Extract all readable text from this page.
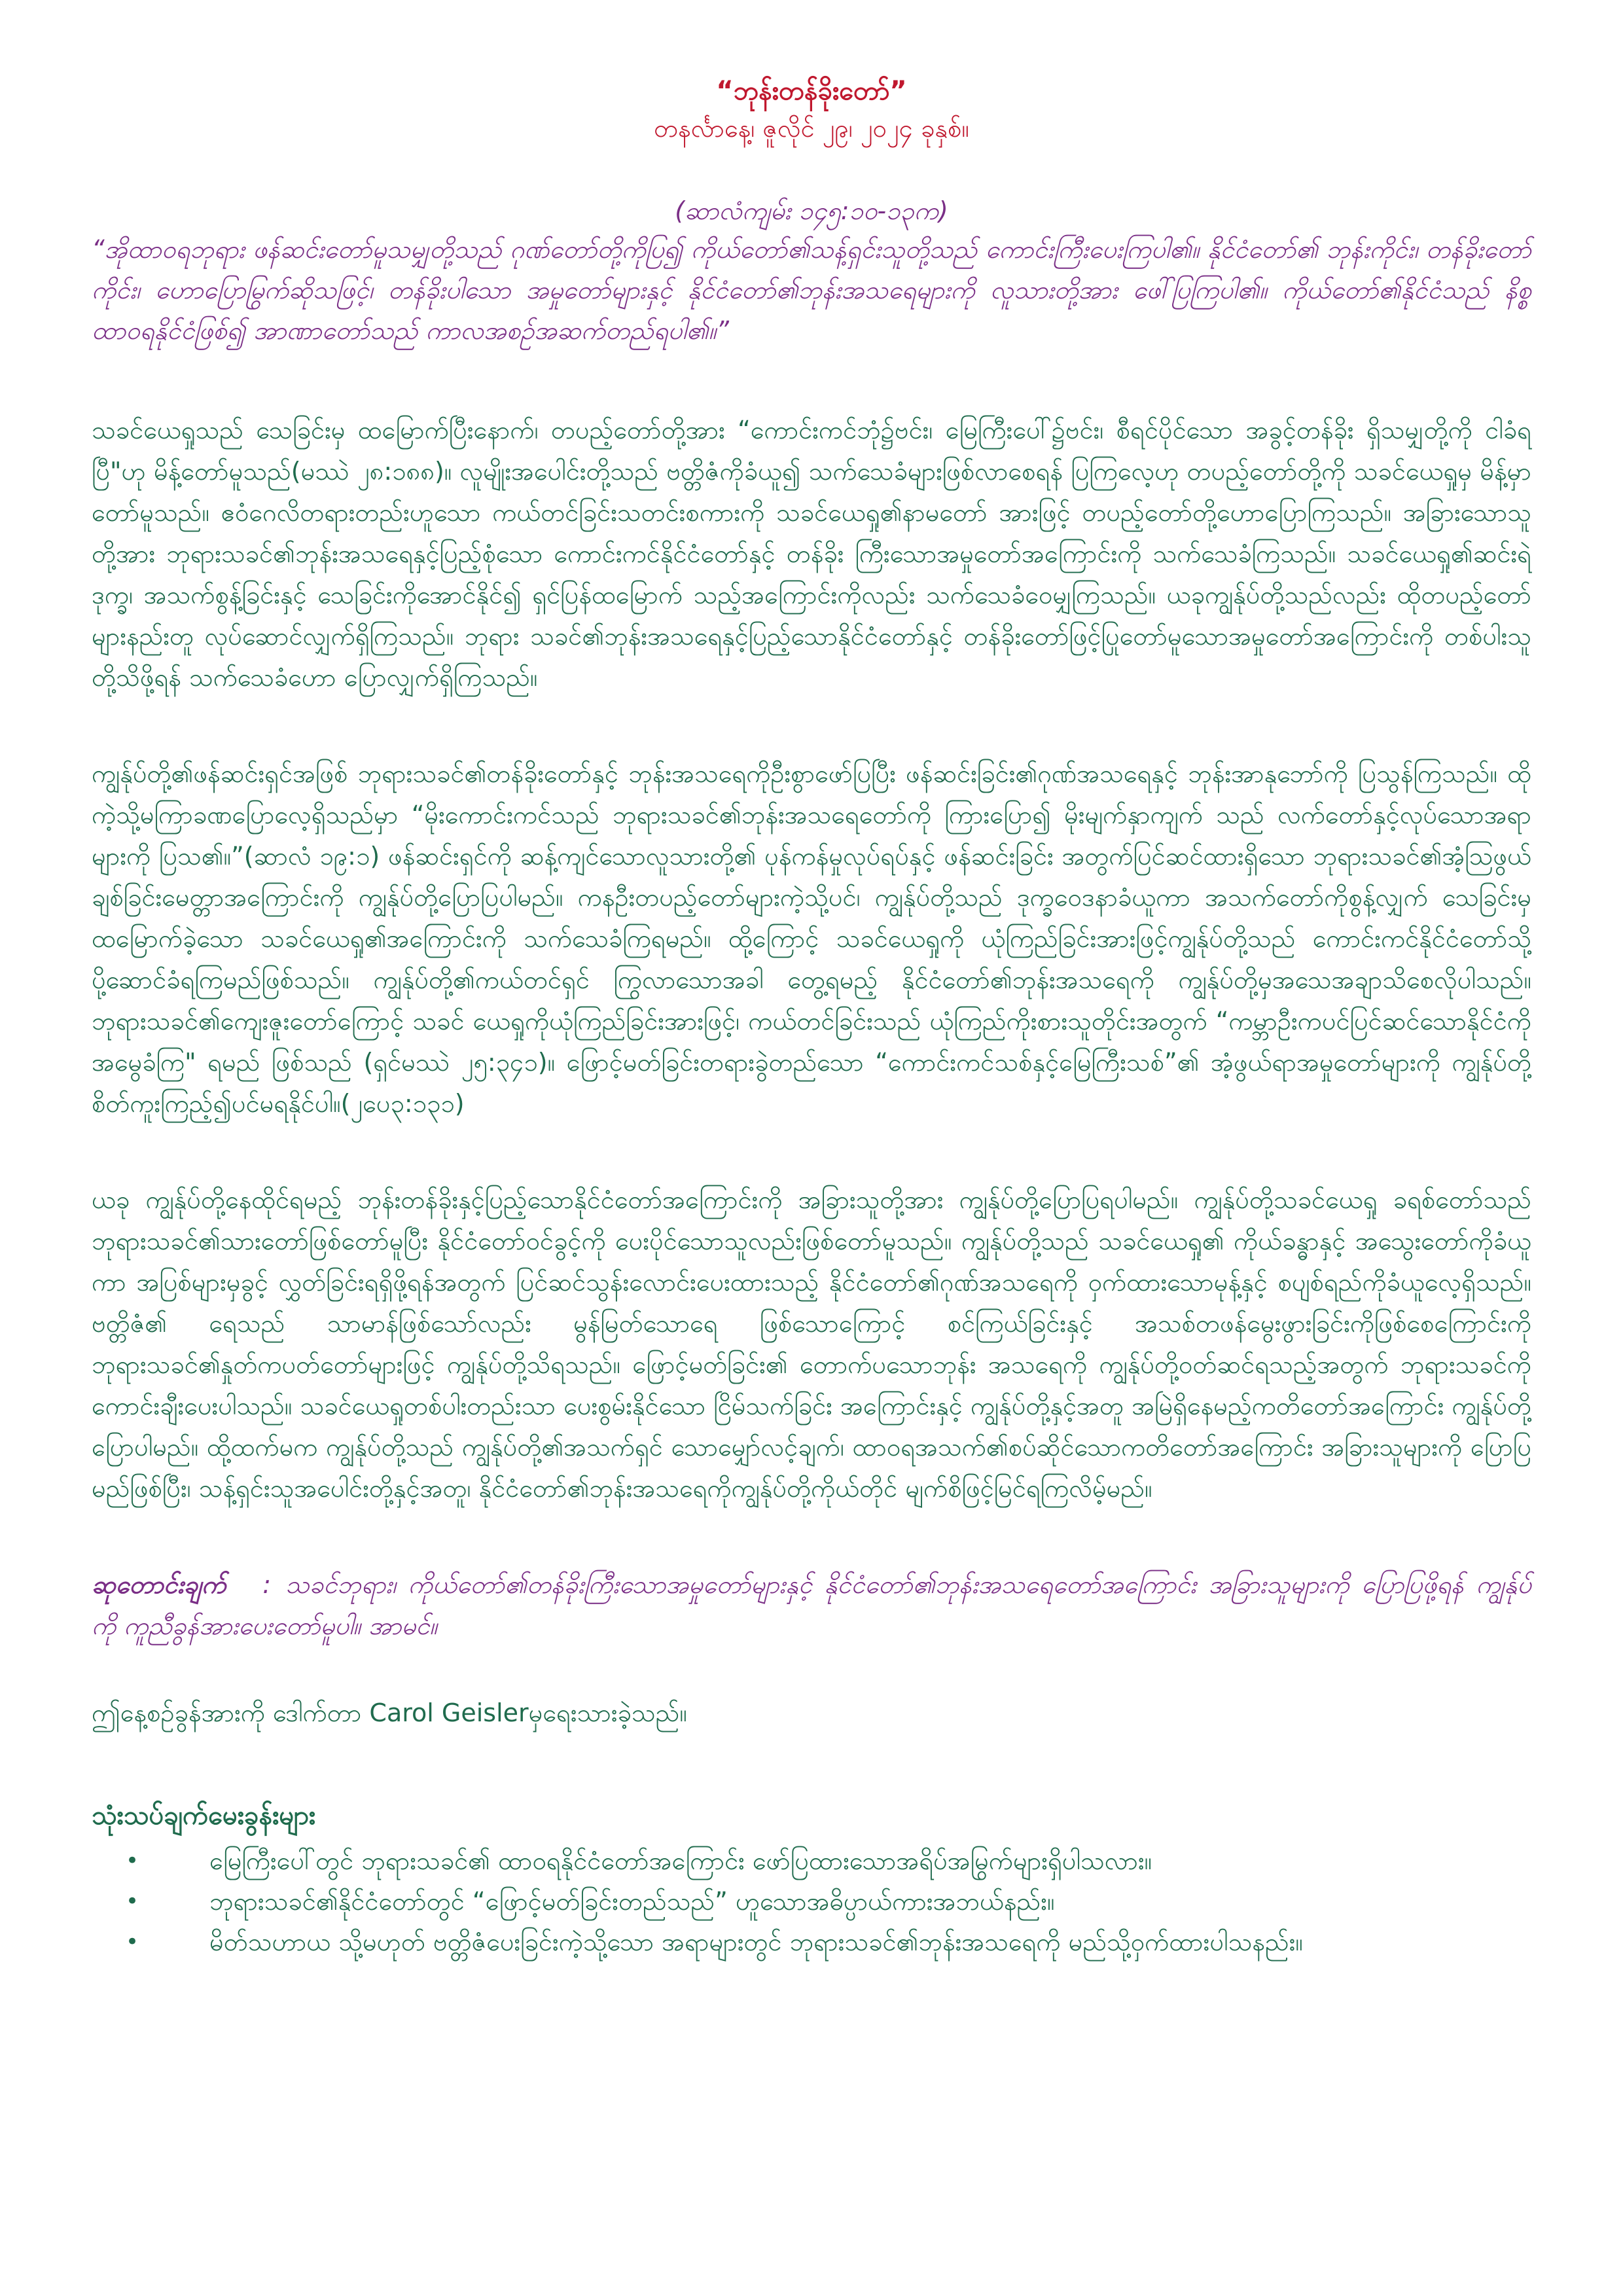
“ဘုန်းတန်ခိုးတော်”

တနင်္လာနေ့၊ ဇူလိုင် ၂၉၊ ၂၀၂၄ ခုနှစ်။

(ဆာလံကျမ်း ၁၄၅:၁၀-၁၃က)

“အိုထာဝရဘုရား ဖန်ဆင်းတော်မူသမျှတို့သည် ဂုဏ်တော်တို့ကိုပြ၍ ကိုယ်တော်၏သန့်ရှင်းသူတို့သည် ကောင်းကြီးပေးကြပါ၏။ နိုင်ငံတော်၏ ဘုန်းကိုင်း၊ တန်ခိုးတော်ကိုင်း၊ ဟောပြောမြွက်ဆိုသဖြင့်၊ တန်ခိုးပါသော အမှုတော်များနှင့် နိုင်ငံတော်၏ဘုန်းအသရေများကို လူသားတို့အား ဖေါ်ပြကြပါ၏။ ကိုယ်တော်၏နိုင်ငံသည် နိစ္စထာဝရနိုင်ငံဖြစ်၍ အာဏာတော်သည် ကာလအစဉ်အဆက်တည်ရပါ၏။”

သခင်ယေရှုသည် သေခြင်းမှ ထမြောက်ပြီးနောက်၊ တပည့်တော်တို့အား “ကောင်းကင်ဘုံ၌ဗင်း၊ မြေကြီးပေါ်၌ဗင်း၊ စီရင်ပိုင်သော အခွင့်တန်ခိုး ရှိသမျှတို့ကို ငါခံရပြီ"ဟု မိန့်တော်မူသည်(မဿဲ ၂၈:၁၈၈)။ လူမျိုးအပေါင်းတို့သည် ဗတ္တိဇံကိုခံယူ၍ သက်သေခံများဖြစ်လာစေရန် ပြကြလေ့ဟု တပည့်တော်တို့ကို သခင်ယေရှုမှ မိန့်မှာတော်မူသည်။ ဧဝံဂေလိတရားတည်းဟူသော ကယ်တင်ခြင်းသတင်းစကားကို သခင်ယေရှု၏နာမတော် အားဖြင့် တပည့်တော်တို့ဟောပြောကြသည်။ အခြားသောသူတို့အား ဘုရားသခင်၏ဘုန်းအသရေနှင့်ပြည့်စုံသော ကောင်းကင်နိုင်ငံတော်နှင့် တန်ခိုး ကြီးသောအမှုတော်အကြောင်းကို သက်သေခံကြသည်။ သခင်ယေရှု၏ဆင်းရဲဒုက္ခ၊ အသက်စွန့်ခြင်းနှင့် သေခြင်းကိုအောင်နိုင်၍ ရှင်ပြန်ထမြောက် သည့်အကြောင်းကိုလည်း သက်သေခံဝေမျှကြသည်။ ယခုကျွန်ုပ်တို့သည်လည်း ထိုတပည့်တော်များနည်းတူ လုပ်ဆောင်လျှက်ရှိကြသည်။ ဘုရား သခင်၏ဘုန်းအသရေနှင့်ပြည့်သောနိုင်ငံတော်နှင့် တန်ခိုးတော်ဖြင့်ပြုတော်မူသောအမှုတော်အကြောင်းကို တစ်ပါးသူတို့သိဖို့ရန် သက်သေခံဟော ပြောလျှက်ရှိကြသည်။

ကျွန်ုပ်တို့၏ဖန်ဆင်းရှင်အဖြစ် ဘုရားသခင်၏တန်ခိုးတော်နှင့် ဘုန်းအသရေကိုဦးစွာဖော်ပြပြီး ဖန်ဆင်းခြင်း၏ဂုဏ်အသရေနှင့် ဘုန်းအာနုဘော်ကို ပြသွန်ကြသည်။ ထိုကဲ့သို့မကြာခဏပြောလေ့ရှိသည်မှာ “မိုးကောင်းကင်သည် ဘုရားသခင်၏ဘုန်းအသရေတော်ကို ကြားပြော၍ မိုးမျက်နှာကျက် သည် လက်တော်နှင့်လုပ်သောအရာများကို ပြသ၏။”(ဆာလံ ၁၉:၁) ဖန်ဆင်းရှင်ကို ဆန့်ကျင်သောလူသားတို့၏ ပုန်ကန်မှုလုပ်ရပ်နှင့် ဖန်ဆင်းခြင်း အတွက်ပြင်ဆင်ထားရှိသော ဘုရားသခင်၏အံ့သြဖွယ်ချစ်ခြင်းမေတ္တာအကြောင်းကို ကျွန်ုပ်တို့ပြောပြပါမည်။ ကနဦးတပည့်တော်များကဲ့သို့ပင်၊ ကျွန်ုပ်တို့သည် ဒုက္ခဝေဒနာခံယူကာ အသက်တော်ကိုစွန့်လျှက် သေခြင်းမှထမြောက်ခဲ့သော သခင်ယေရှု၏အကြောင်းကို သက်သေခံကြရမည်။ ထို့ကြောင့် သခင်ယေရှုကို ယုံကြည်ခြင်းအားဖြင့်ကျွန်ုပ်တို့သည် ကောင်းကင်နိုင်ငံတော်သို့ ပို့ဆောင်ခံရကြမည်ဖြစ်သည်။ ကျွန်ုပ်တို့၏ကယ်တင်ရှင် ကြွလာသောအခါ တွေ့ရမည့် နိုင်ငံတော်၏ဘုန်းအသရေကို ကျွန်ုပ်တို့မှအသေအချာသိစေလိုပါသည်။ ဘုရားသခင်၏ကျေးဇူးတော်ကြောင့် သခင် ယေရှုကိုယုံကြည်ခြင်းအားဖြင့်၊ ကယ်တင်ခြင်းသည် ယုံကြည်ကိုးစားသူတိုင်းအတွက် “ကမ္ဘာဦးကပင်ပြင်ဆင်သောနိုင်ငံကို အမွေခံကြ" ရမည် ဖြစ်သည် (ရှင်မဿဲ ၂၅:၃၄၁)။ ဖြောင့်မတ်ခြင်းတရားခွဲတည်သော “ကောင်းကင်သစ်နှင့်မြေကြီးသစ်”၏ အံ့ဖွယ်ရာအမှုတော်များကို ကျွန်ုပ်တို့ စိတ်ကူးကြည့်၍ပင်မရနိုင်ပါ။(၂ပေ၃:၁၃၁)

ယခု ကျွန်ုပ်တို့နေထိုင်ရမည့် ဘုန်းတန်ခိုးနှင့်ပြည့်သောနိုင်ငံတော်အကြောင်းကို အခြားသူတို့အား ကျွန်ုပ်တို့ပြောပြရပါမည်။ ကျွန်ုပ်တို့သခင်ယေရှု ခရစ်တော်သည် ဘုရားသခင်၏သားတော်ဖြစ်တော်မူပြီး နိုင်ငံတော်ဝင်ခွင့်ကို ပေးပိုင်သောသူလည်းဖြစ်တော်မူသည်။ ကျွန်ုပ်တို့သည် သခင်ယေရှု၏ ကိုယ်ခန္ဓာနှင့် အသွေးတော်ကိုခံယူကာ အပြစ်များမှခွင့် လွှတ်ခြင်းရရှိဖို့ရန်အတွက် ပြင်ဆင်သွန်းလောင်းပေးထားသည့် နိုင်ငံတော်၏ဂုဏ်အသရေကို ဝှက်ထားသောမုန့်နှင့် စပျစ်ရည်ကိုခံယူလေ့ရှိသည်။ ဗတ္တိဇံ၏ ရေသည် သာမာန်ဖြစ်သော်လည်း မွန်မြတ်သောရေ ဖြစ်သောကြောင့် စင်ကြယ်ခြင်းနှင့် အသစ်တဖန်မွေးဖွားခြင်းကိုဖြစ်စေကြောင်းကို ဘုရားသခင်၏နှုတ်ကပတ်တော်များဖြင့် ကျွန်ုပ်တို့သိရသည်။ ဖြောင့်မတ်ခြင်း၏ တောက်ပသောဘုန်း အသရေကို ကျွန်ုပ်တို့ဝတ်ဆင်ရသည့်အတွက် ဘုရားသခင်ကိုကောင်းချီးပေးပါသည်။ သခင်ယေရှုတစ်ပါးတည်းသာ ပေးစွမ်းနိုင်သော ငြိမ်သက်ခြင်း အကြောင်းနှင့် ကျွန်ုပ်တို့နှင့်အတူ အမြဲရှိနေမည့်ကတိတော်အကြောင်း ကျွန်ုပ်တို့ပြောပါမည်။ ထို့ထက်မက ကျွန်ုပ်တို့သည် ကျွန်ုပ်တို့၏အသက်ရှင် သောမျှော်လင့်ချက်၊ ထာဝရအသက်၏စပ်ဆိုင်သောကတိတော်အကြောင်း အခြားသူများကို ပြောပြမည်ဖြစ်ပြီး၊ သန့်ရှင်းသူအပေါင်းတို့နှင့်အတူ၊ နိုင်ငံတော်၏ဘုန်းအသရေကိုကျွန်ုပ်တို့ကိုယ်တိုင် မျက်စိဖြင့်မြင်ရကြလိမ့်မည်။

ဆုတောင်းချက် : သခင်ဘုရား၊ ကိုယ်တော်၏တန်ခိုးကြီးသောအမှုတော်များနှင့် နိုင်ငံတော်၏ဘုန်းအသရေတော်အကြောင်း အခြားသူများကို ပြောပြဖို့ရန် ကျွန်ုပ်ကို ကူညီခွန်အားပေးတော်မူပါ။ အာမင်။

ဤနေ့စဉ်ခွန်အားကို ဒေါက်တာ Carol Geislerမှရေးသားခဲ့သည်။

သုံးသပ်ချက်မေးခွန်းများ

•	မြေကြီးပေါ်တွင် ဘုရားသခင်၏ ထာဝရနိုင်ငံတော်အကြောင်း ဖော်ပြထားသောအရိပ်အမြွက်များရှိပါသလား။
•	ဘုရားသခင်၏နိုင်ငံတော်တွင် “ဖြောင့်မတ်ခြင်းတည်သည်” ဟူသောအဓိပ္ပာယ်ကားအဘယ်နည်း။
•	မိတ်သဟာယ သို့မဟုတ် ဗတ္တိဇံပေးခြင်းကဲ့သို့သော အရာများတွင် ဘုရားသခင်၏ဘုန်းအသရေကို မည်သို့ဝှက်ထားပါသနည်း။
